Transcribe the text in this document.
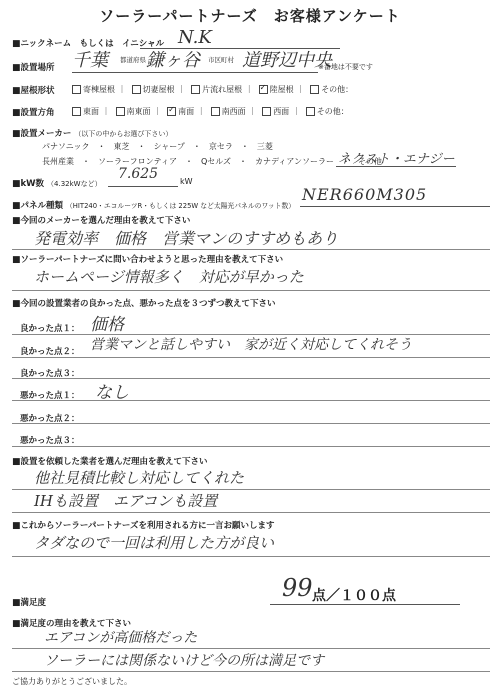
ソーラーパートナーズ　お客様アンケート
■ニックネーム　もしくは　イニシャル N.K
■設置場所 千葉 都道府県 鎌ヶ谷 市区町村 道野辺中央
※番地は不要です
■屋根形状	寄棟屋根 ｜ 切妻屋根 ｜ 片流れ屋根 ｜ ✓ 陸屋根 ｜ その他：
■設置方角	東面 ｜ 南東面 ｜ ✓ 南面 ｜ 南西面 ｜ 西面 ｜ その他：
■設置メーカー （以下の中からお選び下さい）
パナソニック　・　東芝　・　シャープ　・　京セラ　・　三菱
長州産業　・　ソーラーフロンティア　・　Qセルズ　・　カナディアンソーラー　・　その他
ネクスト・エナジー
■kW数 （4.32kWなど）
7.625	kW
■パネル種類 （HIT240・エコルーツR・もしくは 225W など太陽光パネルのワット数）
NER660M305
■今回のメーカーを選んだ理由を教えて下さい
発電効率　価格　営業マンのすすめもあり
■ソーラーパートナーズに問い合わせようと思った理由を教えて下さい
ホームページ情報多く　対応が早かった
■今回の設置業者の良かった点、悪かった点を３つずつ教えて下さい
良かった点１： 価格
良かった点２： 営業マンと話しやすい　家が近く対応してくれそう
良かった点３：
悪かった点１： なし
悪かった点２：
悪かった点３：
■設置を依頼した業者を選んだ理由を教えて下さい
他社見積比較し対応してくれた
IHも設置　エアコンも設置
■これからソーラーパートナーズを利用される方に一言お願いします
タダなので一回は利用した方が良い
■満足度
99 点／１００点
■満足度の理由を教えて下さい
エアコンが高価格だった
ソーラーには関係ないけど今の所は満足です
ご協力ありがとうございました。
